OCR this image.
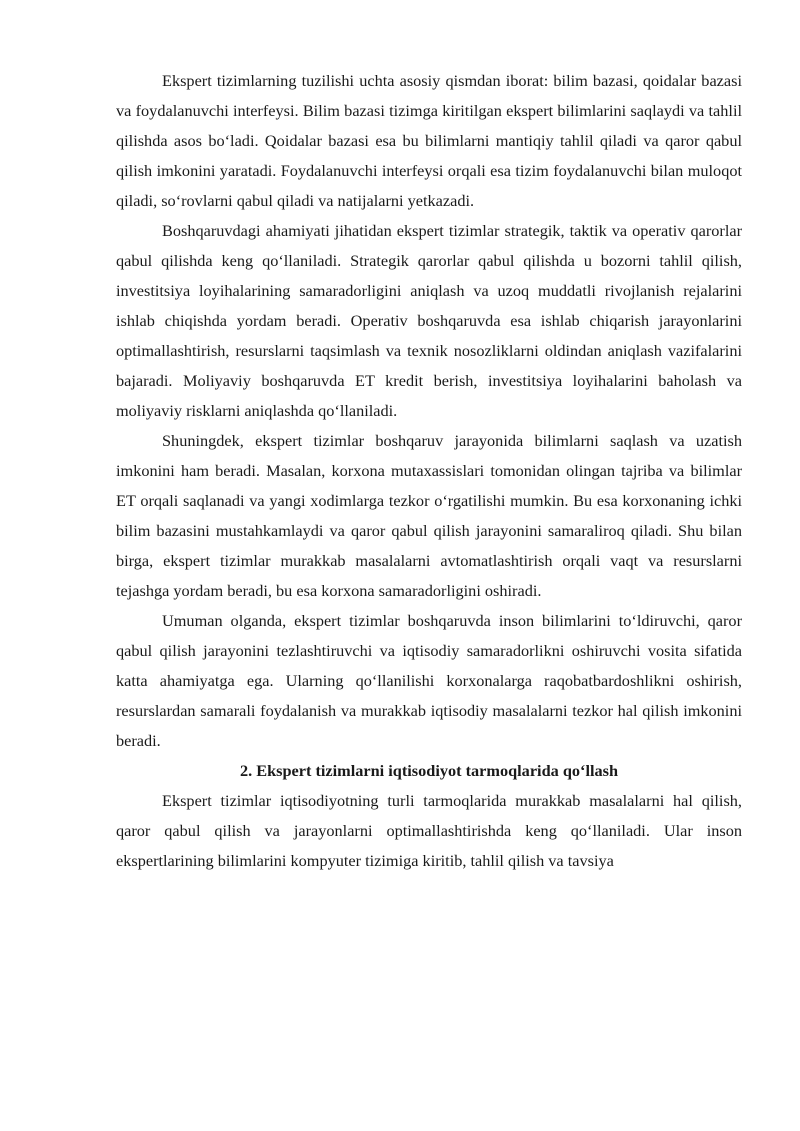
Ekspert tizimlarning tuzilishi uchta asosiy qismdan iborat: bilim bazasi, qoidalar bazasi va foydalanuvchi interfeysi. Bilim bazasi tizimga kiritilgan ekspert bilimlarini saqlaydi va tahlil qilishda asos bo‘ladi. Qoidalar bazasi esa bu bilimlarni mantiqiy tahlil qiladi va qaror qabul qilish imkonini yaratadi. Foydalanuvchi interfeysi orqali esa tizim foydalanuvchi bilan muloqot qiladi, so‘rovlarni qabul qiladi va natijalarni yetkazadi.

Boshqaruvdagi ahamiyati jihatidan ekspert tizimlar strategik, taktik va operativ qarorlar qabul qilishda keng qo‘llaniladi. Strategik qarorlar qabul qilishda u bozorni tahlil qilish, investitsiya loyihalarining samaradorligini aniqlash va uzoq muddatli rivojlanish rejalarini ishlab chiqishda yordam beradi. Operativ boshqaruvda esa ishlab chiqarish jarayonlarini optimallashtirish, resurslarni taqsimlash va texnik nosozliklarni oldindan aniqlash vazifalarini bajaradi. Moliyaviy boshqaruvda ET kredit berish, investitsiya loyihalarini baholash va moliyaviy risklarni aniqlashda qo‘llaniladi.

Shuningdek, ekspert tizimlar boshqaruv jarayonida bilimlarni saqlash va uzatish imkonini ham beradi. Masalan, korxona mutaxassislari tomonidan olingan tajriba va bilimlar ET orqali saqlanadi va yangi xodimlarga tezkor o‘rgatilishi mumkin. Bu esa korxonaning ichki bilim bazasini mustahkamlaydi va qaror qabul qilish jarayonini samaraliroq qiladi. Shu bilan birga, ekspert tizimlar murakkab masalalarni avtomatlashtirish orqali vaqt va resurslarni tejashga yordam beradi, bu esa korxona samaradorligini oshiradi.

Umuman olganda, ekspert tizimlar boshqaruvda inson bilimlarini to‘ldiruvchi, qaror qabul qilish jarayonini tezlashtiruvchi va iqtisodiy samaradorlikni oshiruvchi vosita sifatida katta ahamiyatga ega. Ularning qo‘llanilishi korxonalarga raqobatbardoshlikni oshirish, resurslardan samarali foydalanish va murakkab iqtisodiy masalalarni tezkor hal qilish imkonini beradi.

2. Ekspert tizimlarni iqtisodiyot tarmoqlarida qo‘llash

Ekspert tizimlar iqtisodiyotning turli tarmoqlarida murakkab masalalarni hal qilish, qaror qabul qilish va jarayonlarni optimallashtirishda keng qo‘llaniladi. Ular inson ekspertlarining bilimlarini kompyuter tizimiga kiritib, tahlil qilish va tavsiya
